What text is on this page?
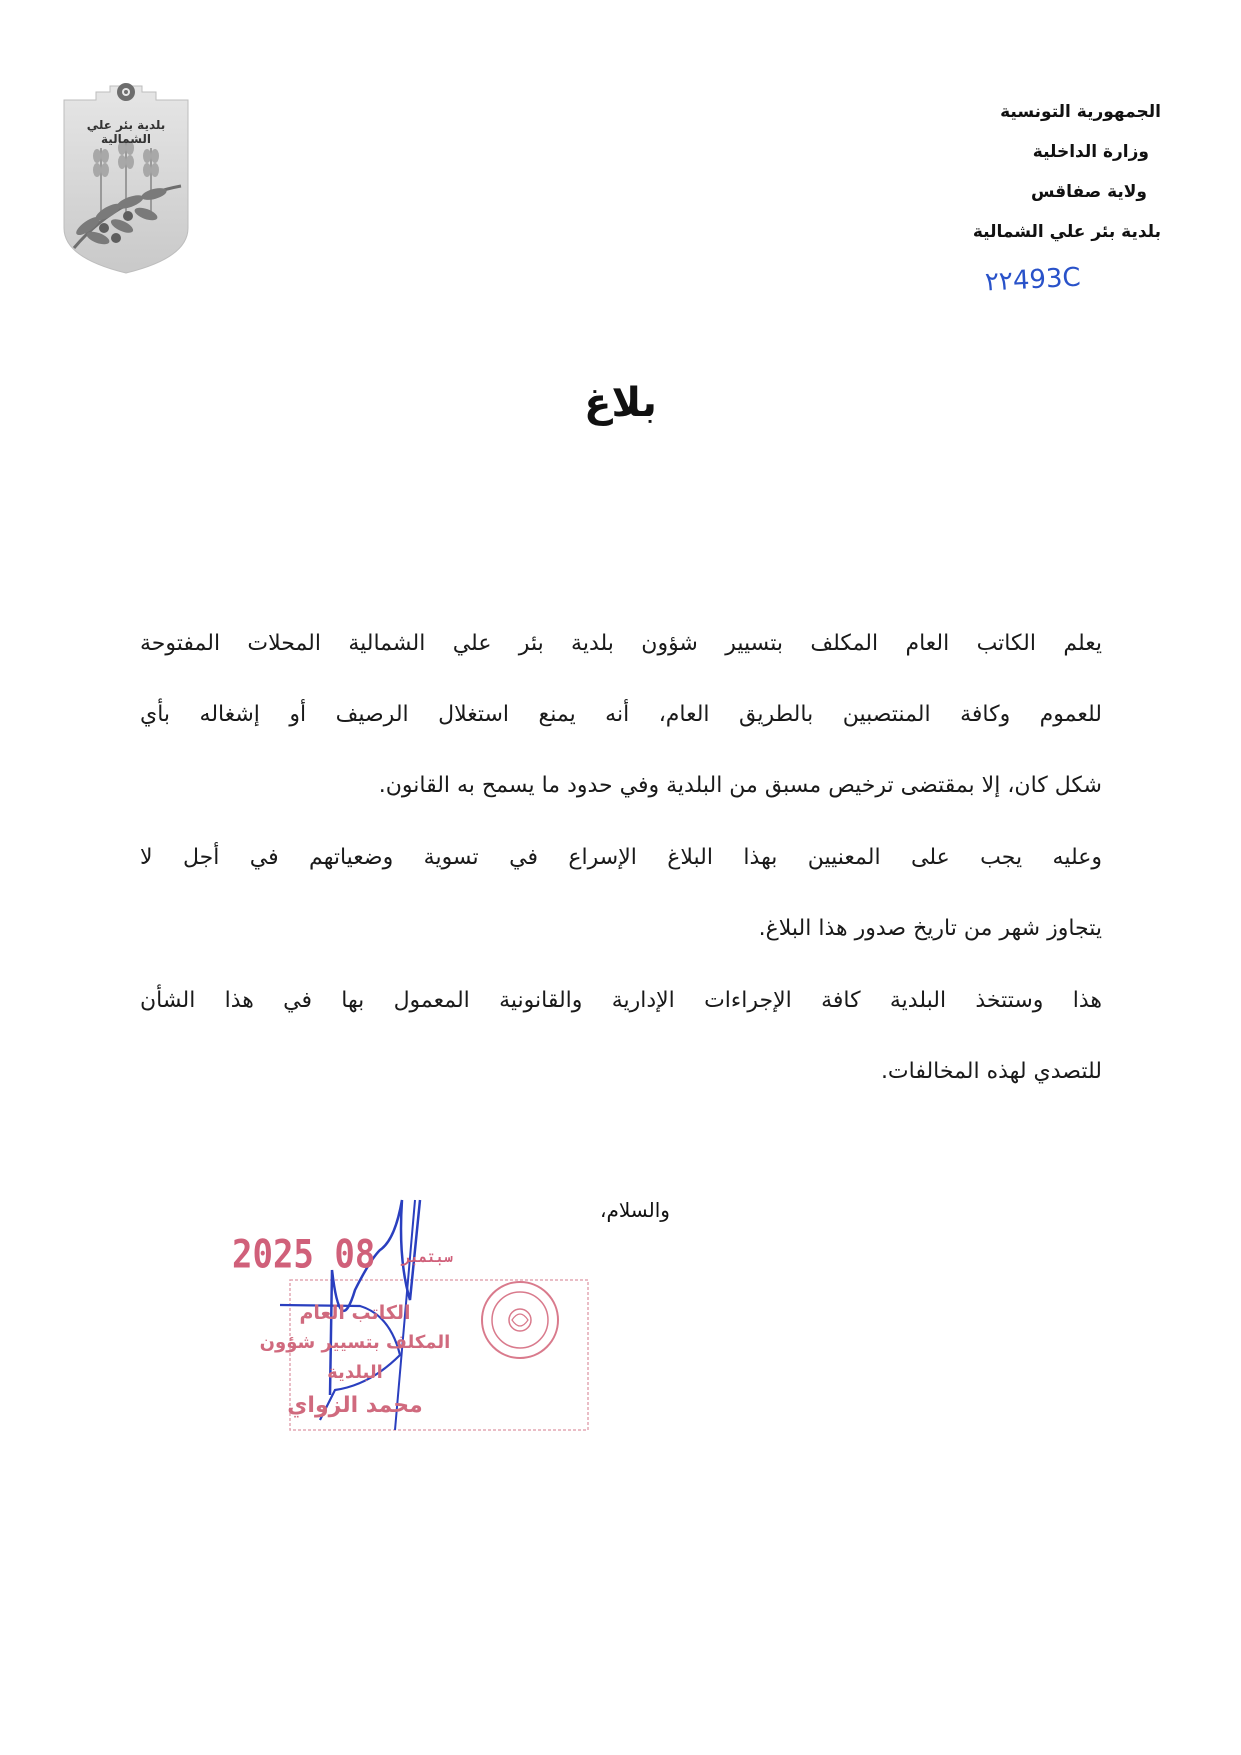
بلدية بئر علي الشمالية
الجمهورية التونسية
وزارة الداخلية
ولاية صفاقس
بلدية بئر علي الشمالية
۲۲493C
بلاغ
يعلم الكاتب العام المكلف بتسيير شؤون بلدية بئر علي الشمالية المحلات المفتوحة
للعموم وكافة المنتصبين بالطريق العام، أنه يمنع استغلال الرصيف أو إشغاله بأي
شكل كان، إلا بمقتضى ترخيص مسبق من البلدية وفي حدود ما يسمح به القانون.
وعليه يجب على المعنيين بهذا البلاغ الإسراع في تسوية وضعياتهم في أجل لا
يتجاوز شهر من تاريخ صدور هذا البلاغ.
هذا وستتخذ البلدية كافة الإجراءات الإدارية والقانونية المعمول بها في هذا الشأن
للتصدي لهذه المخالفات.
والسلام،
2025	سبتمبر 08
الكاتب العام
المكلف بتسيير شؤون البلدية
محمد الزواي
